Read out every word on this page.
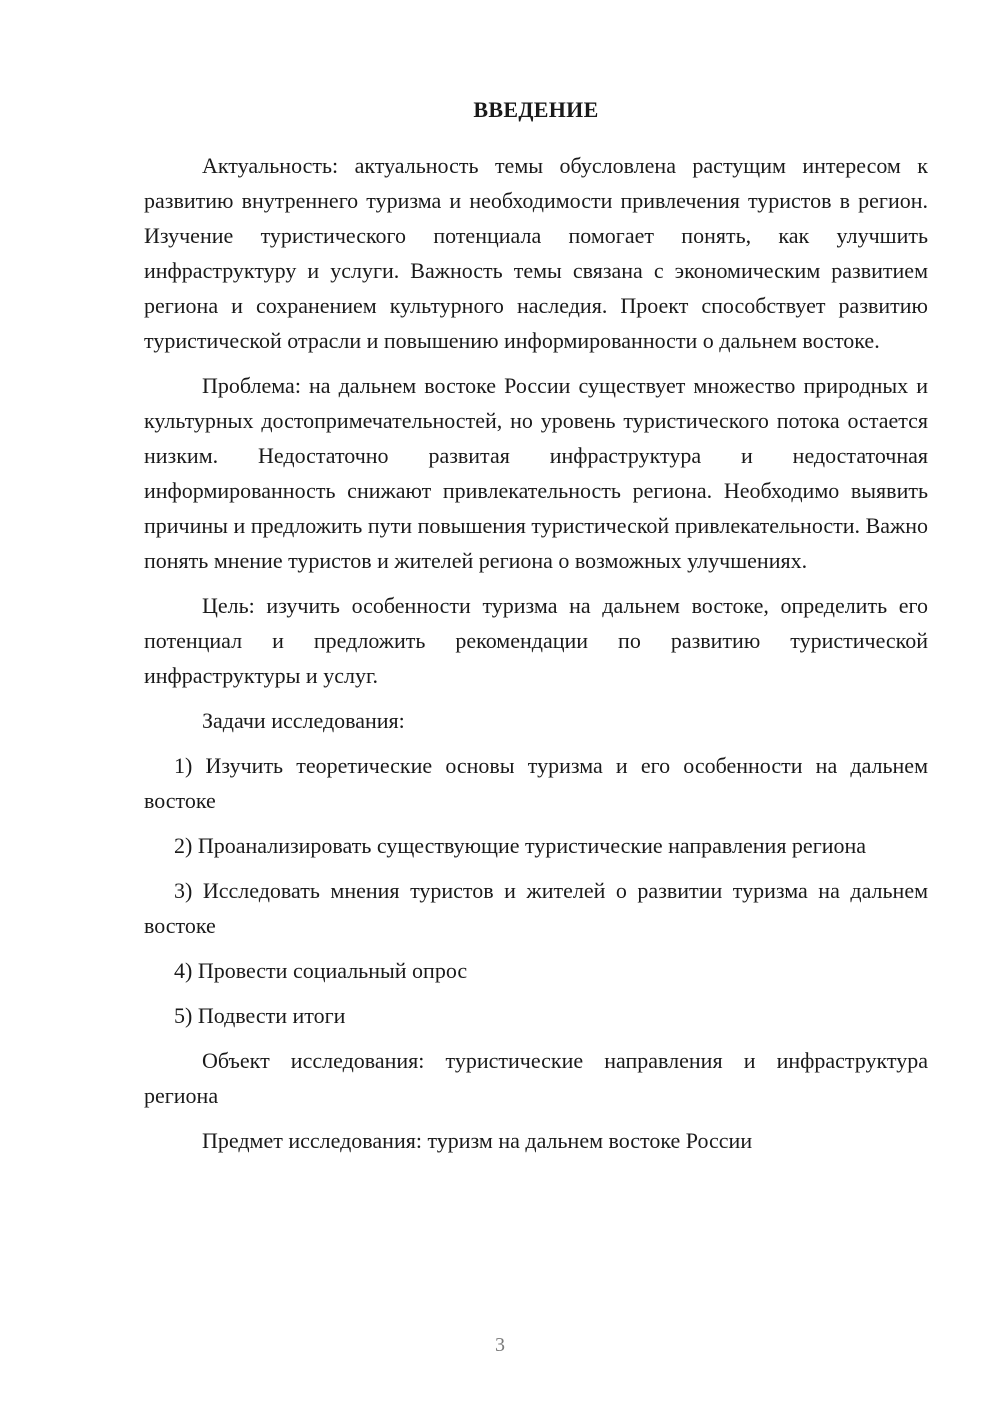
ВВЕДЕНИЕ

Актуальность: актуальность темы обусловлена растущим интересом к развитию внутреннего туризма и необходимости привлечения туристов в регион. Изучение туристического потенциала помогает понять, как улучшить инфраструктуру и услуги. Важность темы связана с экономическим развитием региона и сохранением культурного наследия. Проект способствует развитию туристической отрасли и повышению информированности о дальнем востоке.

Проблема: на дальнем востоке России существует множество природных и культурных достопримечательностей, но уровень туристического потока остается низким. Недостаточно развитая инфраструктура и недостаточная информированность снижают привлекательность региона. Необходимо выявить причины и предложить пути повышения туристической привлекательности. Важно понять мнение туристов и жителей региона о возможных улучшениях.

Цель: изучить особенности туризма на дальнем востоке, определить его потенциал и предложить рекомендации по развитию туристической инфраструктуры и услуг.

Задачи исследования:

1) Изучить теоретические основы туризма и его особенности на дальнем востоке

2) Проанализировать существующие туристические направления региона

3) Исследовать мнения туристов и жителей о развитии туризма на дальнем востоке

4) Провести социальный опрос

5) Подвести итоги

Объект исследования: туристические направления и инфраструктура региона

Предмет исследования: туризм на дальнем востоке России

3
